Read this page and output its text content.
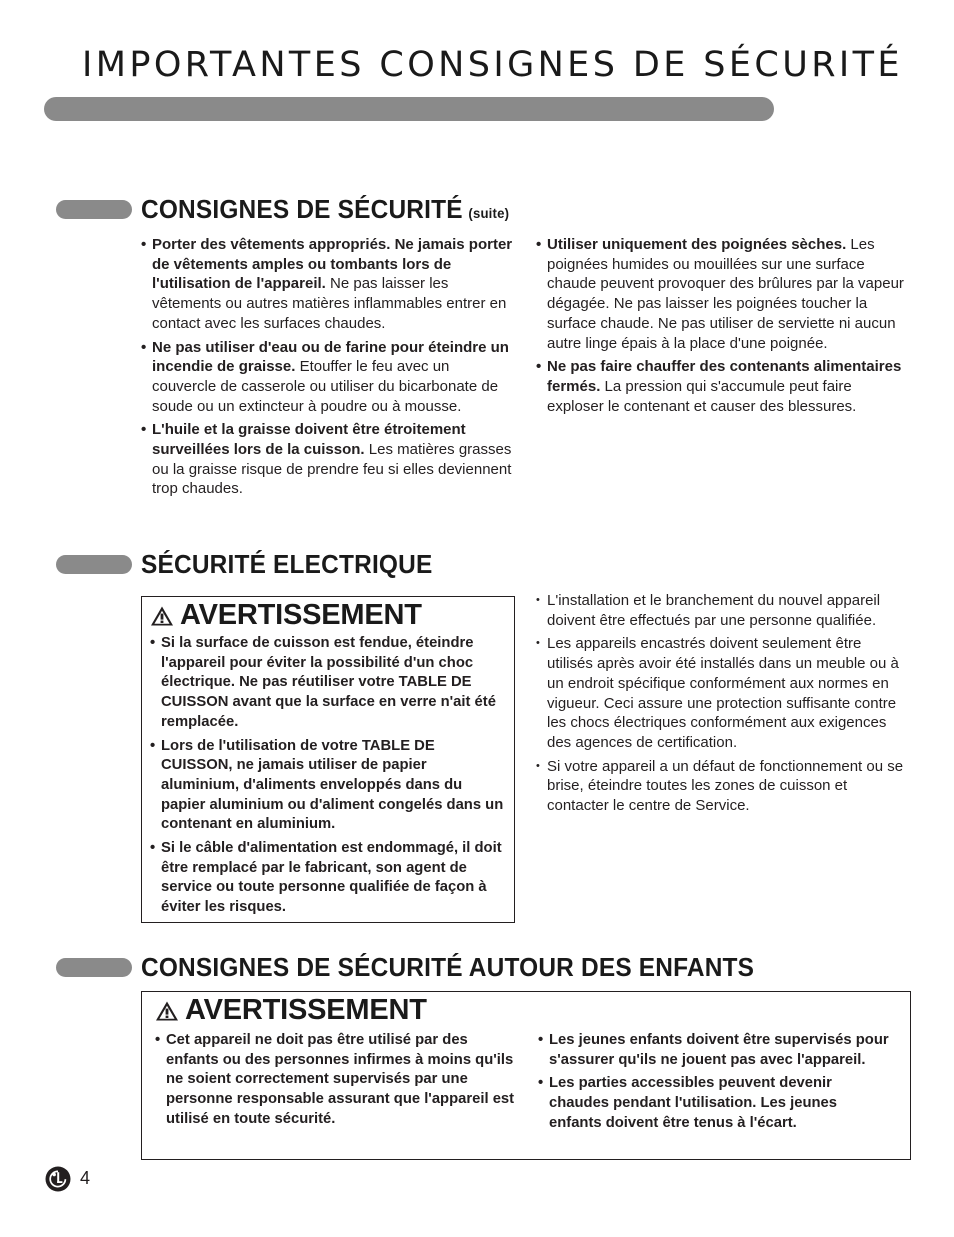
IMPORTANTES CONSIGNES DE SÉCURITÉ
CONSIGNES DE SÉCURITÉ (suite)
• Porter des vêtements appropriés. Ne jamais porter de vêtements amples ou tombants lors de l'utilisation de l'appareil. Ne pas laisser les vêtements ou autres matières inflammables entrer en contact avec les surfaces chaudes.
• Ne pas utiliser d'eau ou de farine pour éteindre un incendie de graisse. Etouffer le feu avec un couvercle de casserole ou utiliser du bicarbonate de soude ou un extincteur à poudre ou à mousse.
• L'huile et la graisse doivent être étroitement surveillées lors de la cuisson. Les matières grasses ou la graisse risque de prendre feu si elles deviennent trop chaudes.
• Utiliser uniquement des poignées sèches. Les poignées humides ou mouillées sur une surface chaude peuvent provoquer des brûlures par la vapeur dégagée. Ne pas laisser les poignées toucher la surface chaude. Ne pas utiliser de serviette ni aucun autre linge épais à la place d'une poignée.
• Ne pas faire chauffer des contenants alimentaires fermés. La pression qui s'accumule peut faire exploser le contenant et causer des blessures.
SÉCURITÉ ELECTRIQUE
AVERTISSEMENT
• Si la surface de cuisson est fendue, éteindre l'appareil pour éviter la possibilité d'un choc électrique. Ne pas réutiliser votre TABLE DE CUISSON avant que la surface en verre n'ait été remplacée.
• Lors de l'utilisation de votre TABLE DE CUISSON, ne jamais utiliser de papier aluminium, d'aliments enveloppés dans du papier aluminium ou d'aliment congelés dans un contenant en aluminium.
• Si le câble d'alimentation est endommagé, il doit être remplacé par le fabricant, son agent de service ou toute personne qualifiée de façon à éviter les risques.
• L'installation et le branchement du nouvel appareil doivent être effectués par une personne qualifiée.
• Les appareils encastrés doivent seulement être utilisés après avoir été installés dans un meuble ou à un endroit spécifique conformément aux normes en vigueur. Ceci assure une protection suffisante contre les chocs électriques conformément aux exigences des agences de certification.
• Si votre appareil a un défaut de fonctionnement ou se brise, éteindre toutes les zones de cuisson et contacter le centre de Service.
CONSIGNES DE SÉCURITÉ AUTOUR DES ENFANTS
AVERTISSEMENT
• Cet appareil ne doit pas être utilisé par des enfants ou des personnes infirmes à moins qu'ils ne soient correctement supervisés par une personne responsable assurant que l'appareil est utilisé en toute sécurité.
• Les jeunes enfants doivent être supervisés pour s'assurer qu'ils ne jouent pas avec l'appareil.
• Les parties accessibles peuvent devenir chaudes pendant l'utilisation. Les jeunes enfants doivent être tenus à l'écart.
4
